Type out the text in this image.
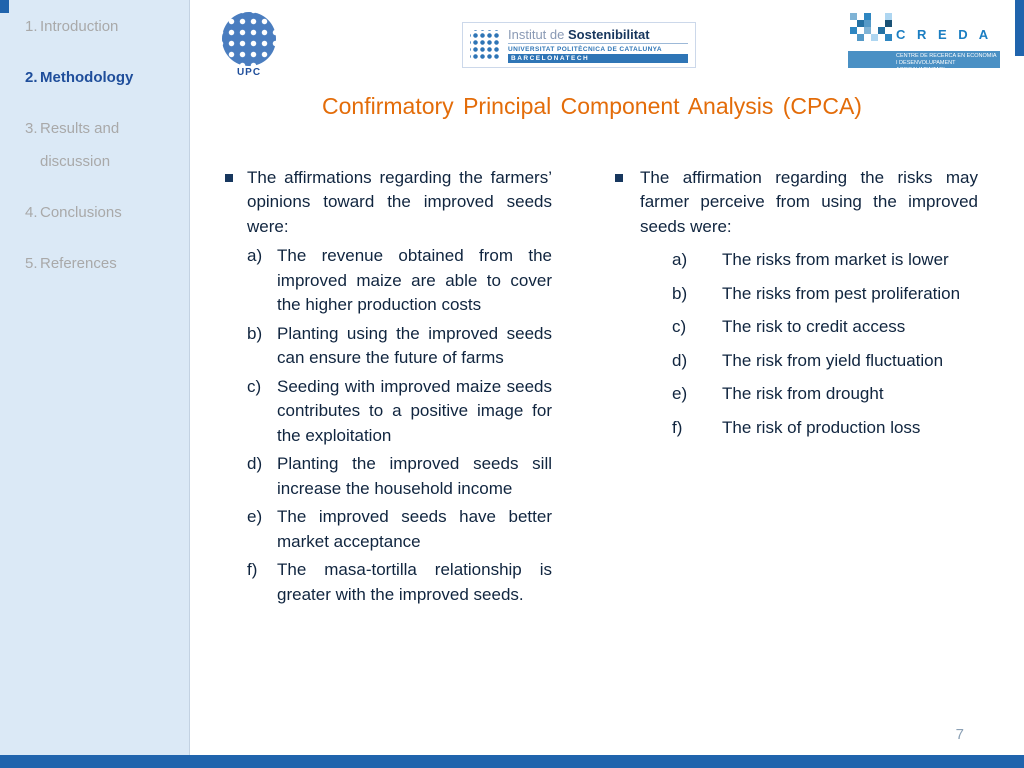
1. Introduction
2. Methodology
3. Results and discussion
4. Conclusions
5. References
UPC
Institut de Sostenibilitat
UNIVERSITAT POLITÈCNICA DE CATALUNYA
BARCELONATECH
C R E D A
CENTRE DE RECERCA EN ECONOMIA
I DESENVOLUPAMENT AGROALIMENTARI
Confirmatory Principal Component Analysis (CPCA)
The affirmations regarding the farmers’ opinions toward the improved seeds were:
a) The revenue obtained from the improved maize are able to cover the higher production costs
b) Planting using the improved seeds can ensure the future of farms
c) Seeding with improved maize seeds contributes to a positive image for the exploitation
d) Planting the improved seeds sill increase the household income
e) The improved seeds have better market acceptance
f)	The masa-tortilla relationship is greater with the improved seeds.
The affirmation regarding the risks may farmer perceive from using the improved seeds were:
a)	The risks from market is lower
b)	The risks from pest proliferation
c)	The risk to credit access
d)	The risk from yield fluctuation
e)	The risk from drought
f)	The risk of production loss
7
